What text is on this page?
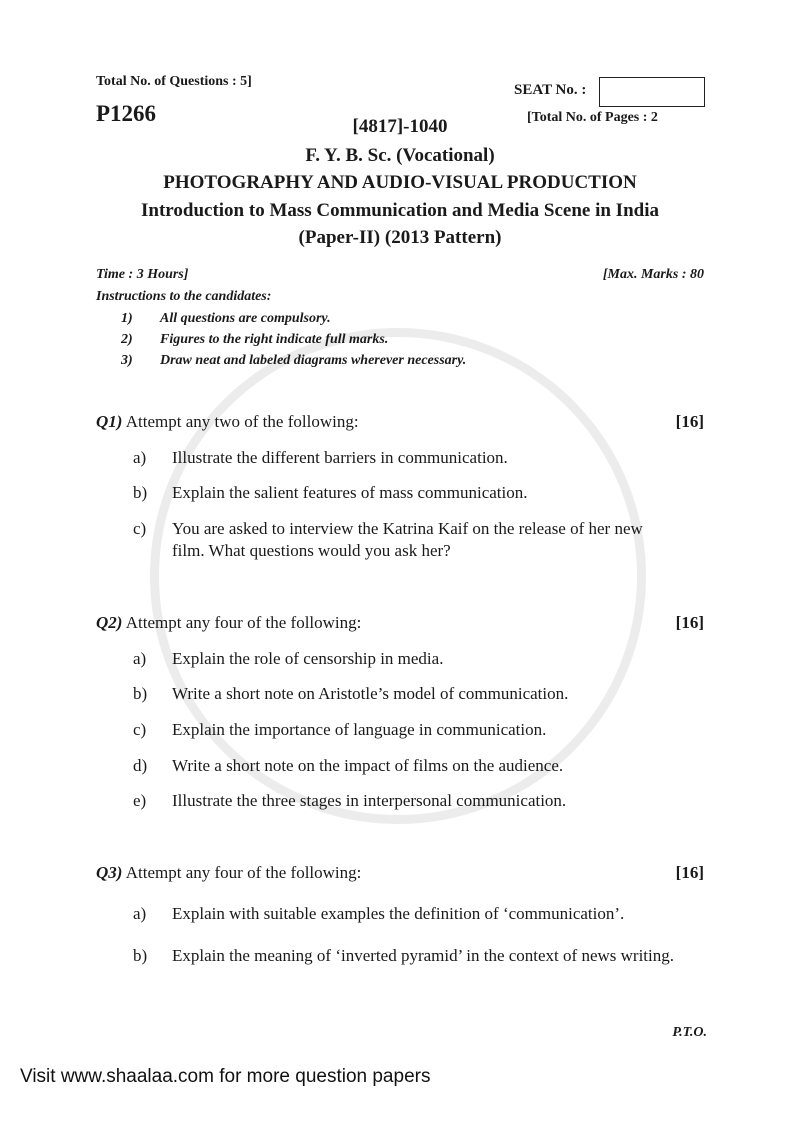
Total No. of Questions : 5]
SEAT No. :
P1266	[Total No. of Pages : 2
[4817]-1040
F. Y. B. Sc. (Vocational)
PHOTOGRAPHY AND AUDIO-VISUAL PRODUCTION
Introduction to Mass Communication and Media Scene in India
(Paper-II) (2013 Pattern)
Time : 3 Hours]	[Max. Marks : 80
Instructions to the candidates:
1) All questions are compulsory.
2) Figures to the right indicate full marks.
3) Draw neat and labeled diagrams wherever necessary.
Q1) Attempt any two of the following:	[16]
a) Illustrate the different barriers in communication.
b) Explain the salient features of mass communication.
c) You are asked to interview the Katrina Kaif on the release of her new
film. What questions would you ask her?
Q2) Attempt any four of the following:	[16]
a) Explain the role of censorship in media.
b) Write a short note on Aristotle’s model of communication.
c) Explain the importance of language in communication.
d) Write a short note on the impact of films on the audience.
e) Illustrate the three stages in interpersonal communication.
Q3) Attempt any four of the following:	[16]
a) Explain with suitable examples the definition of ‘communication’.
b) Explain the meaning of ‘inverted pyramid’ in the context of news writing.
P.T.O.
Visit www.shaalaa.com for more question papers
